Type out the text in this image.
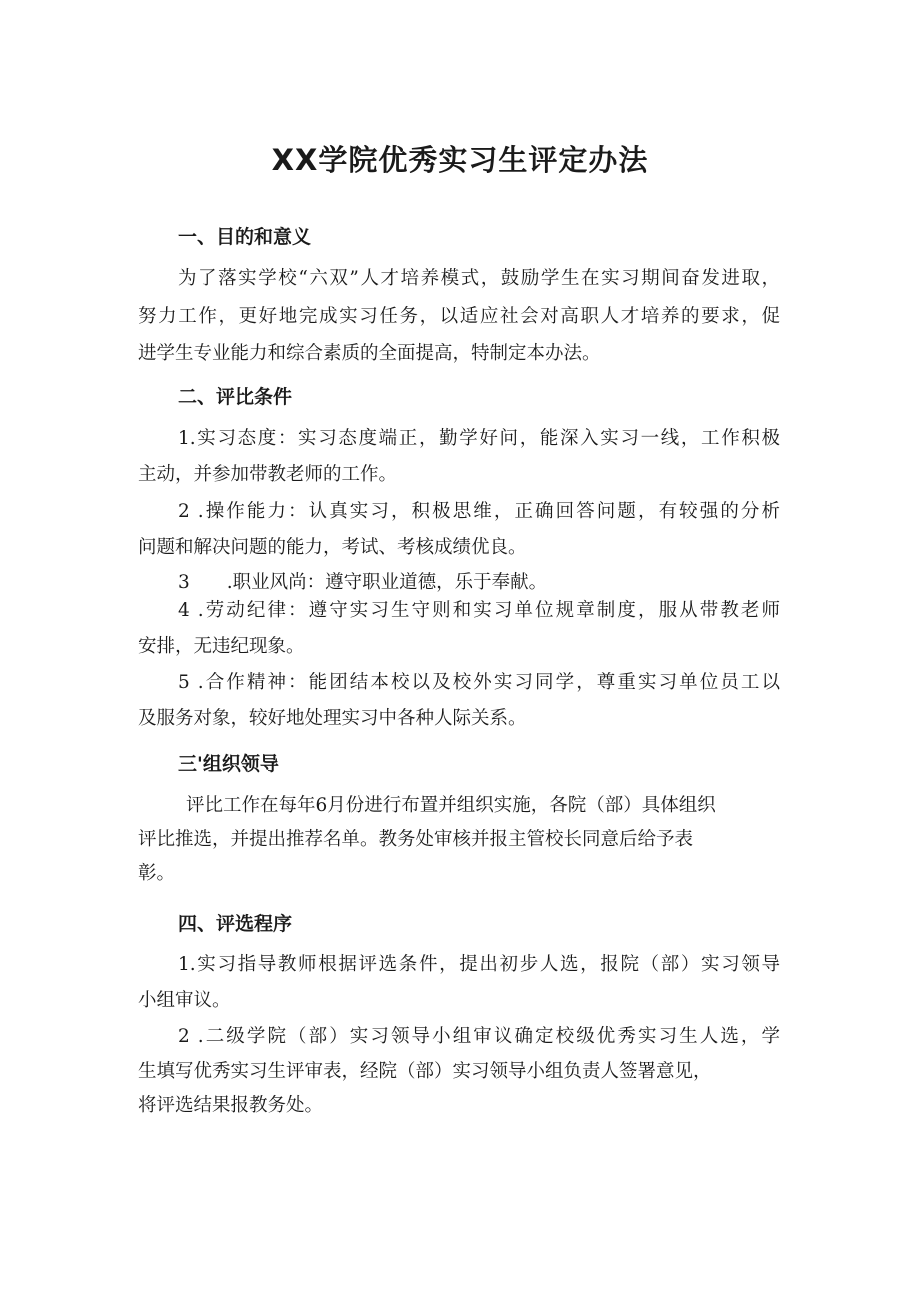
XX学院优秀实习生评定办法
一、目的和意义
为了落实学校“六双”人才培养模式，鼓励学生在实习期间奋发进取，
努力工作，更好地完成实习任务，以适应社会对高职人才培养的要求，促
进学生专业能力和综合素质的全面提高，特制定本办法。
二、评比条件
1.实习态度：实习态度端正，勤学好问，能深入实习一线，工作积极
主动，并参加带教老师的工作。
2 .操作能力：认真实习，积极思维，正确回答问题，有较强的分析
问题和解决问题的能力，考试、考核成绩优良。
3　　.职业风尚：遵守职业道德，乐于奉献。
4 .劳动纪律：遵守实习生守则和实习单位规章制度，服从带教老师
安排，无违纪现象。
5 .合作精神：能团结本校以及校外实习同学，尊重实习单位员工以
及服务对象，较好地处理实习中各种人际关系。
三'组织领导
评比工作在每年6月份进行布置并组织实施，各院（部）具体组织
评比推选，并提出推荐名单。教务处审核并报主管校长同意后给予表
彰。
四、评选程序
1.实习指导教师根据评选条件，提出初步人选，报院（部）实习领导
小组审议。
2 .二级学院（部）实习领导小组审议确定校级优秀实习生人选，学
生填写优秀实习生评审表，经院（部）实习领导小组负责人签署意见，
将评选结果报教务处。
